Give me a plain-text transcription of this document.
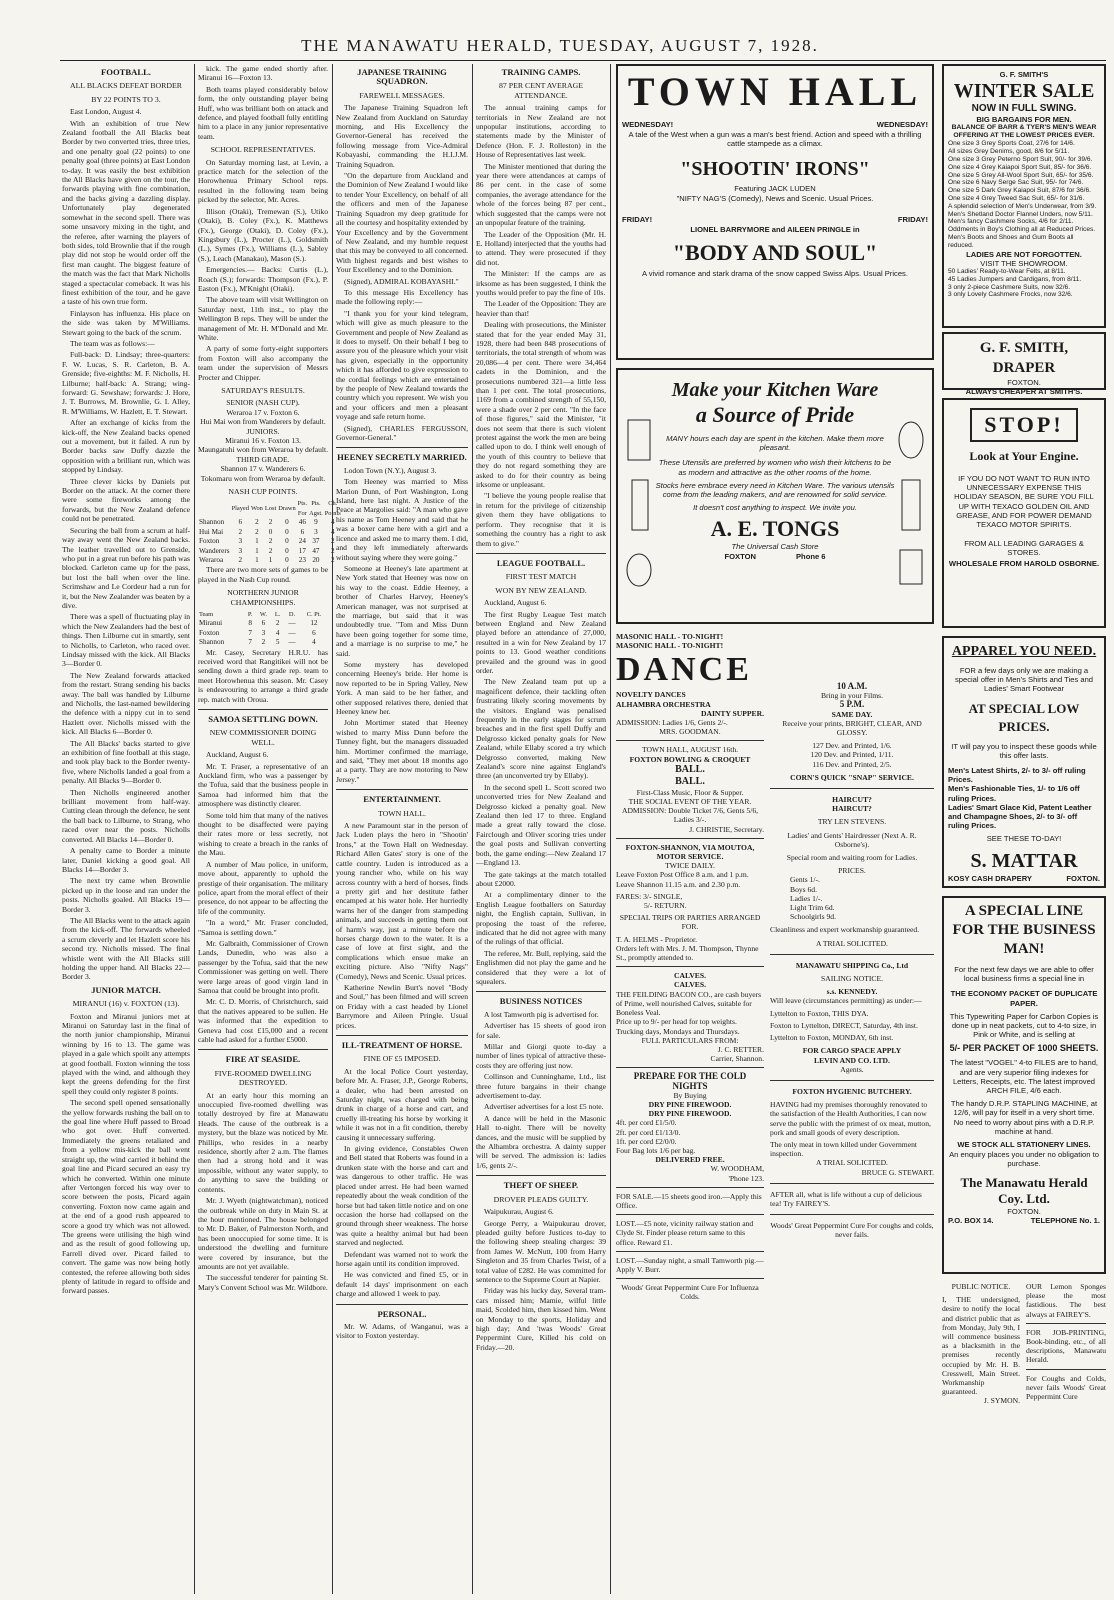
THE MANAWATU HERALD, TUESDAY, AUGUST 7, 1928.
FOOTBALL.
ALL BLACKS DEFEAT BORDER
BY 22 POINTS TO 3.

East London, August 4.

With an exhibition of true New Zealand football the All Blacks beat Border by two converted tries, three tries, and one penalty goal (22 points) to one penalty goal (three points) at East London to-day. It was easily the best exhibition the All Blacks have given on the tour, the forwards playing with fine combination, and the backs giving a dazzling display. Unfortunately play degenerated somewhat in the second spell. There was some unsavory mixing in the tight, and the referee, after warning the players of both sides, told Brownlie that if the rough play did not stop he would order off the first man caught. The biggest feature of the match was the fact that Mark Nicholls staged a spectacular comeback. It was his finest exhibition of the tour, and he gave a taste of his own true form.

Finlayson has influenza. His place on the side was taken by M'Williams. Stewart going to the back of the scrum.

The team was as follows:—

Full-back: D. Lindsay; three-quarters: F. W. Lucas, S. R. Carleton, B. A. Grenside; five-eighths: M. F. Nicholls, H. Lilburne; half-back: A. Strang; wing-forward: G. Sewshaw; forwards: J. Hore, J. T. Burrows, M. Brownlie, G. I. Alley, R. M'Williams, W. Hazlett, E. T. Stewart.

After an exchange of kicks from the kick-off, the New Zealand backs opened out a movement, but it failed. A run by Border backs saw Duffy dazzle the opposition with a brilliant run, which was stopped by Lindsay.

Three clever kicks by Daniels put Border on the attack. At the corner there were some fireworks among the forwards, but the New Zealand defence could not be penetrated.

Securing the ball from a scrum at half-way away went the New Zealand backs. The leather travelled out to Grenside, who put in a great run before his path was blocked. Carleton came up for the pass, but lost the ball when over the line. Scrimshaw and Le Cordeur had a run for it, but the New Zealander was beaten by a dive.

There was a spell of fluctuating play in which the New Zealanders had the best of things. Then Lilburne cut in smartly, sent to Nicholls, to Carleton, who raced over. Lindsay missed with the kick. All Blacks 3—Border 0.

The New Zealand forwards attacked from the restart. Strang sending his backs away. The ball was handled by Lilburne and Nicholls, the last-named bewildering the defence with a nippy cut in to send Hazlett over. Nicholls missed with the kick. All Blacks 6—Border 0.

The All Blacks' backs started to give an exhibition of fine football at this stage, and took play back to the Border twenty-five, where Nicholls landed a goal from a penalty. All Blacks 9—Border 0.

Then Nicholls engineered another brilliant movement from half-way. Cutting clean through the defence, he sent the ball back to Lilburne, to Strang, who raced over near the posts. Nicholls converted. All Blacks 14—Border 0.

A penalty came to Border a minute later, Daniel kicking a good goal. All Blacks 14—Border 3.

The next try came when Brownlie picked up in the loose and ran under the posts. Nicholls goaled. All Blacks 19—Border 3.

The All Blacks went to the attack again from the kick-off. The forwards wheeled a scrum cleverly and let Hazlett score his second try. Nicholls missed. The final whistle went with the All Blacks still holding the upper hand. All Blacks 22—Border 3.

JUNIOR MATCH.
MIRANUI (16) v. FOXTON (13).

Foxton and Miranui juniors met at Miranui on Saturday last in the final of the north junior championship, Miranui winning by 16 to 13. The game was played in a gale which spoilt any attempts at good football. Foxton winning the toss played with the wind, and although they kept the greens defending for the first spell they could only register 8 points.

The second spell opened sensationally the yellow forwards rushing the ball on to the goal line where Huff passed to Broad who got over. Huff converted. Immediately the greens retaliated and from a yellow mis-kick the ball went straight up, the wind carried it behind the goal line and Picard secured an easy try which he converted. Within one minute after Vertongen forced his way over to score between the posts, Picard again converting. Foxton now came again and at the end of a good rush appeared to score a good try which was not allowed. The greens were utilising the high wind and as the result of good following up, Farrell dived over. Picard failed to convert. The game was now being hotly contested, the referee allowing both sides plenty of latitude in regard to offside and forward passes.

kick. The game ended shortly after. Miranui 16—Foxton 13.

Both teams played considerably below form, the only outstanding player being Huff, who was brilliant both on attack and defence, and played football fully entitling him to a place in any junior representative team.

SCHOOL REPRESENTATIVES.

On Saturday morning last, at Levin, a practice match for the selection of the Horowhenua Primary School reps. resulted in the following team being picked by the selector, Mr. Acres.

Illison (Otaki), Tremewan (S.), Utiko (Otaki), B. Coley (Fx.), K. Matthews (Fx.), George (Otaki), D. Coley (Fx.), Kingsbury (L.), Procter (L.), Goldsmith (L.), Symes (Fx.), Williams (L.), Sabley (S.), Leach (Manakau), Mason (S.).

Emergencies.— Backs: Curtis (L.), Roach (S.); forwards: Thompson (Fx.), P. Easton (Fx.), M'Knight (Otaki).

The above team will visit Wellington on Saturday next, 11th inst., to play the Wellington B reps. They will be under the management of Mr. H. M'Donald and Mr. White.

A party of some forty-eight supporters from Foxton will also accompany the team under the supervision of Messrs Procter and Chipper.

SATURDAY'S RESULTS.
SENIOR (NASH CUP).
Weraroa 17 v. Foxton 6.
Hui Mai won from Wanderers by default.
JUNIORS.
Miranui 16 v. Foxton 13.
Maungatuhi won from Weraroa by default.
THIRD GRADE.
Shannon 17 v. Wanderers 6.
Tokomaru won from Weraroa by default.
NASH CUP POINTS.
	Played	Won	Lost	Drawn	Pts. For	Pts. Agst.	Ch. Points
Shannon	6	2	2	0	46	9	4
Hui Mai	2	2	0	0	6	3	4
Foxton	3	1	2	0	24	37	2
Wanderers	3	1	2	0	17	47	2
Weraroa	2	1	1	0	23	20	2

There are two more sets of games to be played in the Nash Cup round.

NORTHERN JUNIOR CHAMPIONSHIPS.
Team	P.	W.	L.	D.	C. Pt.
Miranui	8	6	2	—	12
Foxton	7	3	4	—	6
Shannon	7	2	5	—	4

Mr. Casey, Secretary H.R.U. has received word that Rangitikei will not be sending down a third grade rep. team to meet Horowhenua this season. Mr. Casey is endeavouring to arrange a third grade rep. match with Oroua.

SAMOA SETTLING DOWN.
NEW COMMISSIONER DOING WELL.

Auckland, August 6.

Mr. T. Fraser, a representative of an Auckland firm, who was a passenger by the Tofua, said that the business people in Samoa had informed him that the atmosphere was distinctly clearer.

Some told him that many of the natives thought to be disaffected were paying their rates more or less secretly, not wishing to create a breach in the ranks of the Mau.

A number of Mau police, in uniform, move about, apparently to uphold the prestige of their organisation. The military police, apart from the moral effect of their presence, do not appear to be affecting the life of the community.

"In a word," Mr. Fraser concluded, "Samoa is settling down."

Mr. Galbraith, Commissioner of Crown Lands, Dunedin, who was also a passenger by the Tofua, said that the new Commissioner was getting on well. There were large areas of good virgin land in Samoa that could be brought into profit.

Mr. C. D. Morris, of Christchurch, said that the natives appeared to be sullen. He was informed that the expedition to Geneva had cost £15,000 and a recent cable had asked for a further £5000.

FIRE AT SEASIDE.
FIVE-ROOMED DWELLING DESTROYED.

At an early hour this morning an unoccupied five-roomed dwelling was totally destroyed by fire at Manawatu Heads. The cause of the outbreak is a mystery, but the blaze was noticed by Mr. Phillips, who resides in a nearby residence, shortly after 2 a.m. The flames then had a strong hold and it was impossible, without any water supply, to do anything to save the building or contents.

Mr. J. Wyeth (nightwatchman), noticed the outbreak while on duty in Main St. at the hour mentioned. The house belonged to Mr. D. Baker, of Palmerston North, and has been unoccupied for some time. It is understood the dwelling and furniture were covered by insurance, but the amounts are not yet available.

The successful tenderer for painting St. Mary's Convent School was Mr. Wildbore.

JAPANESE TRAINING SQUADRON.
FAREWELL MESSAGES.

The Japanese Training Squadron left New Zealand from Auckland on Saturday morning, and His Excellency the Governor-General has received the following message from Vice-Admiral Kobayashi, commanding the H.I.J.M. Training Squadron.

"On the departure from Auckland and the Dominion of New Zealand I would like to tender Your Excellency, on behalf of all the officers and men of the Japanese Training Squadron my deep gratitude for all the courtesy and hospitality extended by Your Excellency and by the Government of New Zealand, and my humble request that this may be conveyed to all concerned. With highest regards and best wishes to Your Excellency and to the Dominion.

(Signed), ADMIRAL KOBAYASHI."

To this message His Excellency has made the following reply:—

"I thank you for your kind telegram, which will give as much pleasure to the Government and people of New Zealand as it does to myself. On their behalf I beg to assure you of the pleasure which your visit has given, especially in the opportunity which it has afforded to give expression to the cordial feelings which are entertained by the people of New Zealand towards the country which you represent. We wish you and your officers and men a pleasant voyage and safe return home.

(Signed), CHARLES FERGUSSON, Governor-General."

HEENEY SECRETLY MARRIED.

Lodon Town (N.Y.), August 3.

Tom Heeney was married to Miss Marion Dunn, of Port Washington, Long Island, here last night. A Justice of the Peace at Margolies said: "A man who gave his name as Tom Heeney and said that he was a boxer came here with a girl and a licence and asked me to marry them. I did, and they left immediately afterwards without saying where they were going."

Someone at Heeney's late apartment at New York stated that Heeney was now on his way to the coast. Eddie Heeney, a brother of Charles Harvey, Heeney's American manager, was not surprised at the marriage, but said that it was undoubtedly true. "Tom and Miss Dunn have been going together for some time, and a marriage is no surprise to me," he said.

Some mystery has developed concerning Heeney's bride. Her home is now reported to be in Spring Valley, New York. A man said to be her father, and other supposed relatives there, denied that Heeney knew her.

John Mortimer stated that Heeney wished to marry Miss Dunn before the Tunney fight, but the managers dissuaded him. Mortimer confirmed the marriage, and said, "They met about 18 months ago at a party. They are now motoring to New Jersey."

ENTERTAINMENT.
TOWN HALL.

A new Paramount star in the person of Jack Luden plays the hero in "Shootin' Irons," at the Town Hall on Wednesday. Richard Allen Gates' story is one of the cattle country. Luden is introduced as a young rancher who, while on his way across country with a herd of horses, finds a pretty girl and her destitute father encamped at his water hole. Her hurriedly warns her of the danger from stampeding animals, and succeeds in getting them out of harm's way, just a minute before the horses charge down to the water. It is a case of love at first sight, and the complications which ensue make an exciting picture. Also "Nifty Nags" (Comedy), News and Scenic. Usual prices.

Katherine Newlin Burt's novel "Body and Soul," has been filmed and will screen on Friday with a cast headed by Lionel Barrymore and Aileen Pringle. Usual prices.

ILL-TREATMENT OF HORSE.
FINE OF £5 IMPOSED.

At the local Police Court yesterday, before Mr. A. Fraser, J.P., George Roberts, a dealer, who had been arrested on Saturday night, was charged with being drunk in charge of a horse and cart, and cruelly ill-treating his horse by working it while it was not in a fit condition, thereby causing it unnecessary suffering.

In giving evidence, Constables Owen and Bell stated that Roberts was found in a drunken state with the horse and cart and was dangerous to other traffic. He was placed under arrest. He had been warned repeatedly about the weak condition of the horse but had taken little notice and on one occasion the horse had collapsed on the ground through sheer weakness. The horse was quite a healthy animal but had been starved and neglected.

Defendant was warned not to work the horse again until its condition improved.

He was convicted and fined £5, or in default 14 days' imprisonment on each charge and allowed 1 week to pay.

PERSONAL.

Mr. W. Adams, of Wanganui, was a visitor to Foxton yesterday.

TRAINING CAMPS.
87 PER CENT AVERAGE ATTENDANCE.

The annual training camps for territorials in New Zealand are not unpopular institutions, according to statements made by the Minister of Defence (Hon. F. J. Rolleston) in the House of Representatives last week.

The Minister mentioned that during the year there were attendances at camps of 86 per cent. in the case of some companies, the average attendance for the whole of the forces being 87 per cent., which suggested that the camps were not an unpopular feature of the training.

The Leader of the Opposition (Mr. H. E. Holland) interjected that the youths had to attend. They were prosecuted if they did not.

The Minister: If the camps are as irksome as has been suggested, I think the youths would prefer to pay the fine of 10s.

The Leader of the Opposition: They are heavier than that!

Dealing with prosecutions, the Minister stated that for the year ended May 31, 1928, there had been 848 prosecutions of territorials, the total strength of whom was 20,086—4 per cent. There were 34,464 cadets in the Dominion, and the prosecutions numbered 321—a little less than 1 per cent. The total prosecutions, 1169 from a combined strength of 55,150, were a shade over 2 per cent. "In the face of those figures," said the Minister, "it does not seem that there is such violent protest against the work the men are being called upon to do. I think well enough of the youth of this country to believe that they do not regard something they are asked to do for their country as being irksome or unpleasant.

"I believe the young people realise that in return for the privilege of citizenship given them they have obligations to perform. They recognise that it is something the country has a right to ask them to give."

LEAGUE FOOTBALL.
FIRST TEST MATCH
WON BY NEW ZEALAND.

Auckland, August 6.

The first Rugby League Test match between England and New Zealand played before an attendance of 27,000, resulted in a win for New Zealand by 17 points to 13. Good weather conditions prevailed and the ground was in good order.

The New Zealand team put up a magnificent defence, their tackling often frustrating likely scoring movements by the visitors. England was penalised frequently in the early stages for scrum breaches and in the first spell Duffy and Delgrosso kicked penalty goals for New Zealand, while Ellaby scored a try which Delgrosso converted, making New Zealand's score nine against England's three (an unconverted try by Ellaby).

In the second spell L. Scott scored two unconverted tries for New Zealand and Delgrosso kicked a penalty goal. New Zealand then led 17 to three. England made a great rally toward the close. Fairclough and Oliver scoring tries under the goal posts and Sullivan converting both, the game ending:—New Zealand 17—England 13.

The gate takings at the match totalled about £2000.

At a complimentary dinner to the English League footballers on Saturday night, the English captain, Sullivan, in proposing the toast of the referee, indicated that he did not agree with many of the rulings of that official.

The referee, Mr. Bull, replying, said the Englishmen did not play the game and he considered that they were a lot of squealers.

BUSINESS NOTICES

A lost Tamworth pig is advertised for.

Advertiser has 15 sheets of good iron for sale.

Millar and Giorgi quote to-day a number of lines typical of attractive these-costs they are offering just now.

Collinson and Cunninghame, Ltd., list three future bargains in their change advertisement to-day.

Advertiser advertises for a lost £5 note.

A dance will be held in the Masonic Hall to-night. There will be novelty dances, and the music will be supplied by the Alhambra orchestra. A dainty supper will be served. The admission is: ladies 1/6, gents 2/-.

THEFT OF SHEEP.
DROVER PLEADS GUILTY.

Waipukurau, August 6.

George Perry, a Waipukurau drover, pleaded guilty before Justices to-day to the following sheep stealing charges: 39 from James W. McNutt, 100 from Harry Singleton and 35 from Charles Twist, of a total value of £282. He was committed for sentence to the Supreme Court at Napier.

Friday was his lucky day, Several tram-cars missed him; Mamie, wilful little maid, Scolded him, then kissed him. Went on Monday to the sports, Holiday and high day; And 'twas Woods' Great Peppermint Cure, Killed his cold on Friday.—20.

TOWN HALL
WEDNESDAY!	WEDNESDAY!

A tale of the West when a gun was a man's best friend. Action and speed with a thrilling cattle stampede as a climax.

"SHOOTIN' IRONS"

Featuring JACK LUDEN

"NIFTY NAG'S (Comedy), News and Scenic. Usual Prices.

FRIDAY!	FRIDAY!

LIONEL BARRYMORE and AILEEN PRINGLE in

"BODY AND SOUL"

A vivid romance and stark drama of the snow capped Swiss Alps. Usual Prices.

Make your Kitchen Ware
a Source of Pride

MANY hours each day are spent in the kitchen. Make them more pleasant.

These Utensils are preferred by women who wish their kitchens to be as modern and attractive as the other rooms of the home.

Stocks here embrace every need in Kitchen Ware. The various utensils come from the leading makers, and are renowned for solid service.

It doesn't cost anything to inspect. We invite you.

A. E. TONGS
The Universal Cash Store
FOXTON	Phone 6
MASONIC HALL - TO-NIGHT!
MASONIC HALL - TO-NIGHT!
DANCE
NOVELTY DANCES
ALHAMBRA ORCHESTRA
DAINTY SUPPER.
ADMISSION: Ladies 1/6, Gents 2/-.
MRS. GOODMAN.
TOWN HALL, AUGUST 16th.
FOXTON BOWLING & CROQUET
BALL.
BALL.
First-Class Music, Floor & Supper.
THE SOCIAL EVENT OF THE YEAR.
ADMISSION: Double Ticket 7/6, Gents 5/6, Ladies 3/-.
J. CHRISTIE, Secretary.
FOXTON-SHANNON, VIA MOUTOA, MOTOR SERVICE.
TWICE DAILY.
Leave Foxton Post Office 8 a.m. and 1 p.m.
Leave Shannon 11.15 a.m. and 2.30 p.m.
FARES: 3/- SINGLE,
5/- RETURN.
SPECIAL TRIPS OR PARTIES ARRANGED FOR.
T. A. HELMS - Proprietor.
Orders left with Mrs. J. M. Thompson, Thynne St., promptly attended to.
CALVES.
CALVES.
THE FEILDING BACON CO., are cash buyers of Prime, well nourished Calves, suitable for Boneless Veal.
Price up to 9/- per head for top weights. Trucking days, Mondays and Thursdays.
FULL PARTICULARS FROM:
J. C. RETTER.
Carrier, Shannon.
PREPARE FOR THE COLD NIGHTS
By Buying
DRY PINE FIREWOOD.
DRY PINE FIREWOOD.
4ft. per cord £1/5/0.
2ft. per cord £1/13/0.
1ft. per cord £2/0/0.
Four Bag lots 1/6 per bag.
DELIVERED FREE.
W. WOODHAM,
'Phone 123.
FOR SALE.—15 sheets good iron.—Apply this Office.
LOST.—£5 note, vicinity railway station and Clyde St. Finder please return same to this office. Reward £1.
LOST.—Sunday night, a small Tamworth pig.—Apply V. Burr.
Woods' Great Peppermint Cure For Influenza Colds.
10 A.M.
Bring in your Films.
5 P.M.
SAME DAY.
Receive your prints, BRIGHT, CLEAR, AND GLOSSY.
127 Dev. and Printed, 1/6.
120 Dev. and Printed, 1/11.
116 Dev. and Printed, 2/5.
CORN'S QUICK "SNAP" SERVICE.
HAIRCUT?
HAIRCUT?
TRY LEN STEVENS.
Ladies' and Gents' Hairdresser (Next A. R. Osborne's).
Special room and waiting room for Ladies.
PRICES.
Gents 1/-.
Boys 6d.
Ladies 1/-.
Light Trim 6d.
Schoolgirls 9d.
Cleanliness and expert workmanship guaranteed.
A TRIAL SOLICITED.
MANAWATU SHIPPING Co., Ltd
SAILING NOTICE.
s.s. KENNEDY.
Will leave (circumstances permitting) as under:—
Lyttelton to Foxton, THIS DYA.
Foxton to Lyttelton, DIRECT, Saturday, 4th inst.
Lyttelton to Foxton, MONDAY, 6th inst.
FOR CARGO SPACE APPLY
LEVIN AND CO. LTD.
Agents.
FOXTON HYGIENIC BUTCHERY.
HAVING had my premises thoroughly renovated to the satisfaction of the Health Authorities, I can now serve the public with the primest of ox meat, mutton, pork and small goods of every description.
The only meat in town killed under Government inspection.
A TRIAL SOLICITED.
BRUCE G. STEWART.
AFTER all, what is life without a cup of delicious tea! Try FAIREY'S.
Woods' Great Peppermint Cure For coughs and colds, never fails.
G. F. SMITH'S
WINTER SALE
NOW IN FULL SWING.
BIG BARGAINS FOR MEN.
BALANCE OF BARR & TYER'S MEN'S WEAR OFFERING AT THE LOWEST PRICES EVER.
One size 3 Grey Sports Coat, 27/6 for 14/6.
All sizes Grey Denims, good, 8/6 for 5/11.
One size 3 Grey Peterno Sport Suit, 90/- for 39/6.
One size 4 Grey Kaiapoi Sport Suit, 85/- for 36/6.
One size 5 Grey All-Wool Sport Suit, 65/- for 35/6.
One size 6 Navy Serge Sac Suit, 95/- for 74/6.
One size 5 Dark Grey Kaiapoi Suit, 87/6 for 36/6.
One size 4 Grey Tweed Sac Suit, 65/- for 31/6.
A splendid selection of Men's Underwear, from 3/9.
Men's Shetland Doctor Flannel Unders, now 5/11.
Men's fancy Cashmere Socks, 4/6 for 2/11.
Oddments in Boy's Clothing all at Reduced Prices.
Men's Boots and Shoes and Gum Boots all reduced.
LADIES ARE NOT FORGOTTEN.
VISIT THE SHOWROOM.
50 Ladies' Ready-to-Wear Felts, at 8/11.
45 Ladies Jumpers and Cardigans, from 8/11.
3 only 2-piece Cashmere Suits, now 32/6.
3 only Lovely Cashmere Frocks, now 32/6.
G. F. SMITH, DRAPER
FOXTON.
ALWAYS CHEAPER AT SMITH'S.
STOP!
Look at Your Engine.

IF YOU DO NOT WANT TO RUN INTO UNNECESSARY EXPENSE THIS HOLIDAY SEASON, BE SURE YOU FILL UP WITH TEXACO GOLDEN OIL AND GREASE, AND FOR POWER DEMAND TEXACO MOTOR SPIRITS.

FROM ALL LEADING GARAGES & STORES.

WHOLESALE FROM HAROLD OSBORNE.

APPAREL YOU NEED.

FOR a few days only we are making a special offer in Men's Shirts and Ties and Ladies' Smart Footwear

AT SPECIAL LOW PRICES.

IT will pay you to inspect these goods while this offer lasts.

Men's Latest Shirts, 2/- to 3/- off ruling Prices.
Men's Fashionable Ties, 1/- to 1/6 off ruling Prices.
Ladies' Smart Glace Kid, Patent Leather and Champagne Shoes, 2/- to 3/- off ruling Prices.

SEE THESE TO-DAY!

S. MATTAR
KOSY CASH DRAPERY	FOXTON.
A SPECIAL LINE FOR THE BUSINESS MAN!

For the next few days we are able to offer local business firms a special line in

THE ECONOMY PACKET OF DUPLICATE PAPER.

This Typewriting Paper for Carbon Copies is done up in neat packets, cut to 4-to size, in Pink or White, and is selling at

5/- PER PACKET OF 1000 SHEETS.

The latest "VOGEL" 4-to FILES are to hand, and are very superior filing indexes for Letters, Receipts, etc. The latest improved ARCH FILE, 4/6 each.

The handy D.R.P. STAPLING MACHINE, at 12/6, will pay for itself in a very short time. No need to worry about pins with a D.R.P. machine at hand.

WE STOCK ALL STATIONERY LINES.

An enquiry places you under no obligation to purchase.

The Manawatu Herald Coy. Ltd.
FOXTON.
P.O. BOX 14.	TELEPHONE No. 1.
PUBLIC NOTICE.
I, THE undersigned, desire to notify the local and district public that as from Monday, July 9th, I will commence business as a blacksmith in the premises recently occupied by Mr. H. B. Cresswell, Main Street. Workmanship guaranteed.
J. SYMON.
OUR Lemon Sponges please the most fastidious. The best always at FAIREY'S.
FOR JOB-PRINTING, Book-binding, etc., of all descriptions, Manawatu Herald.
For Coughs and Colds, never fails Woods' Great Peppermint Cure
